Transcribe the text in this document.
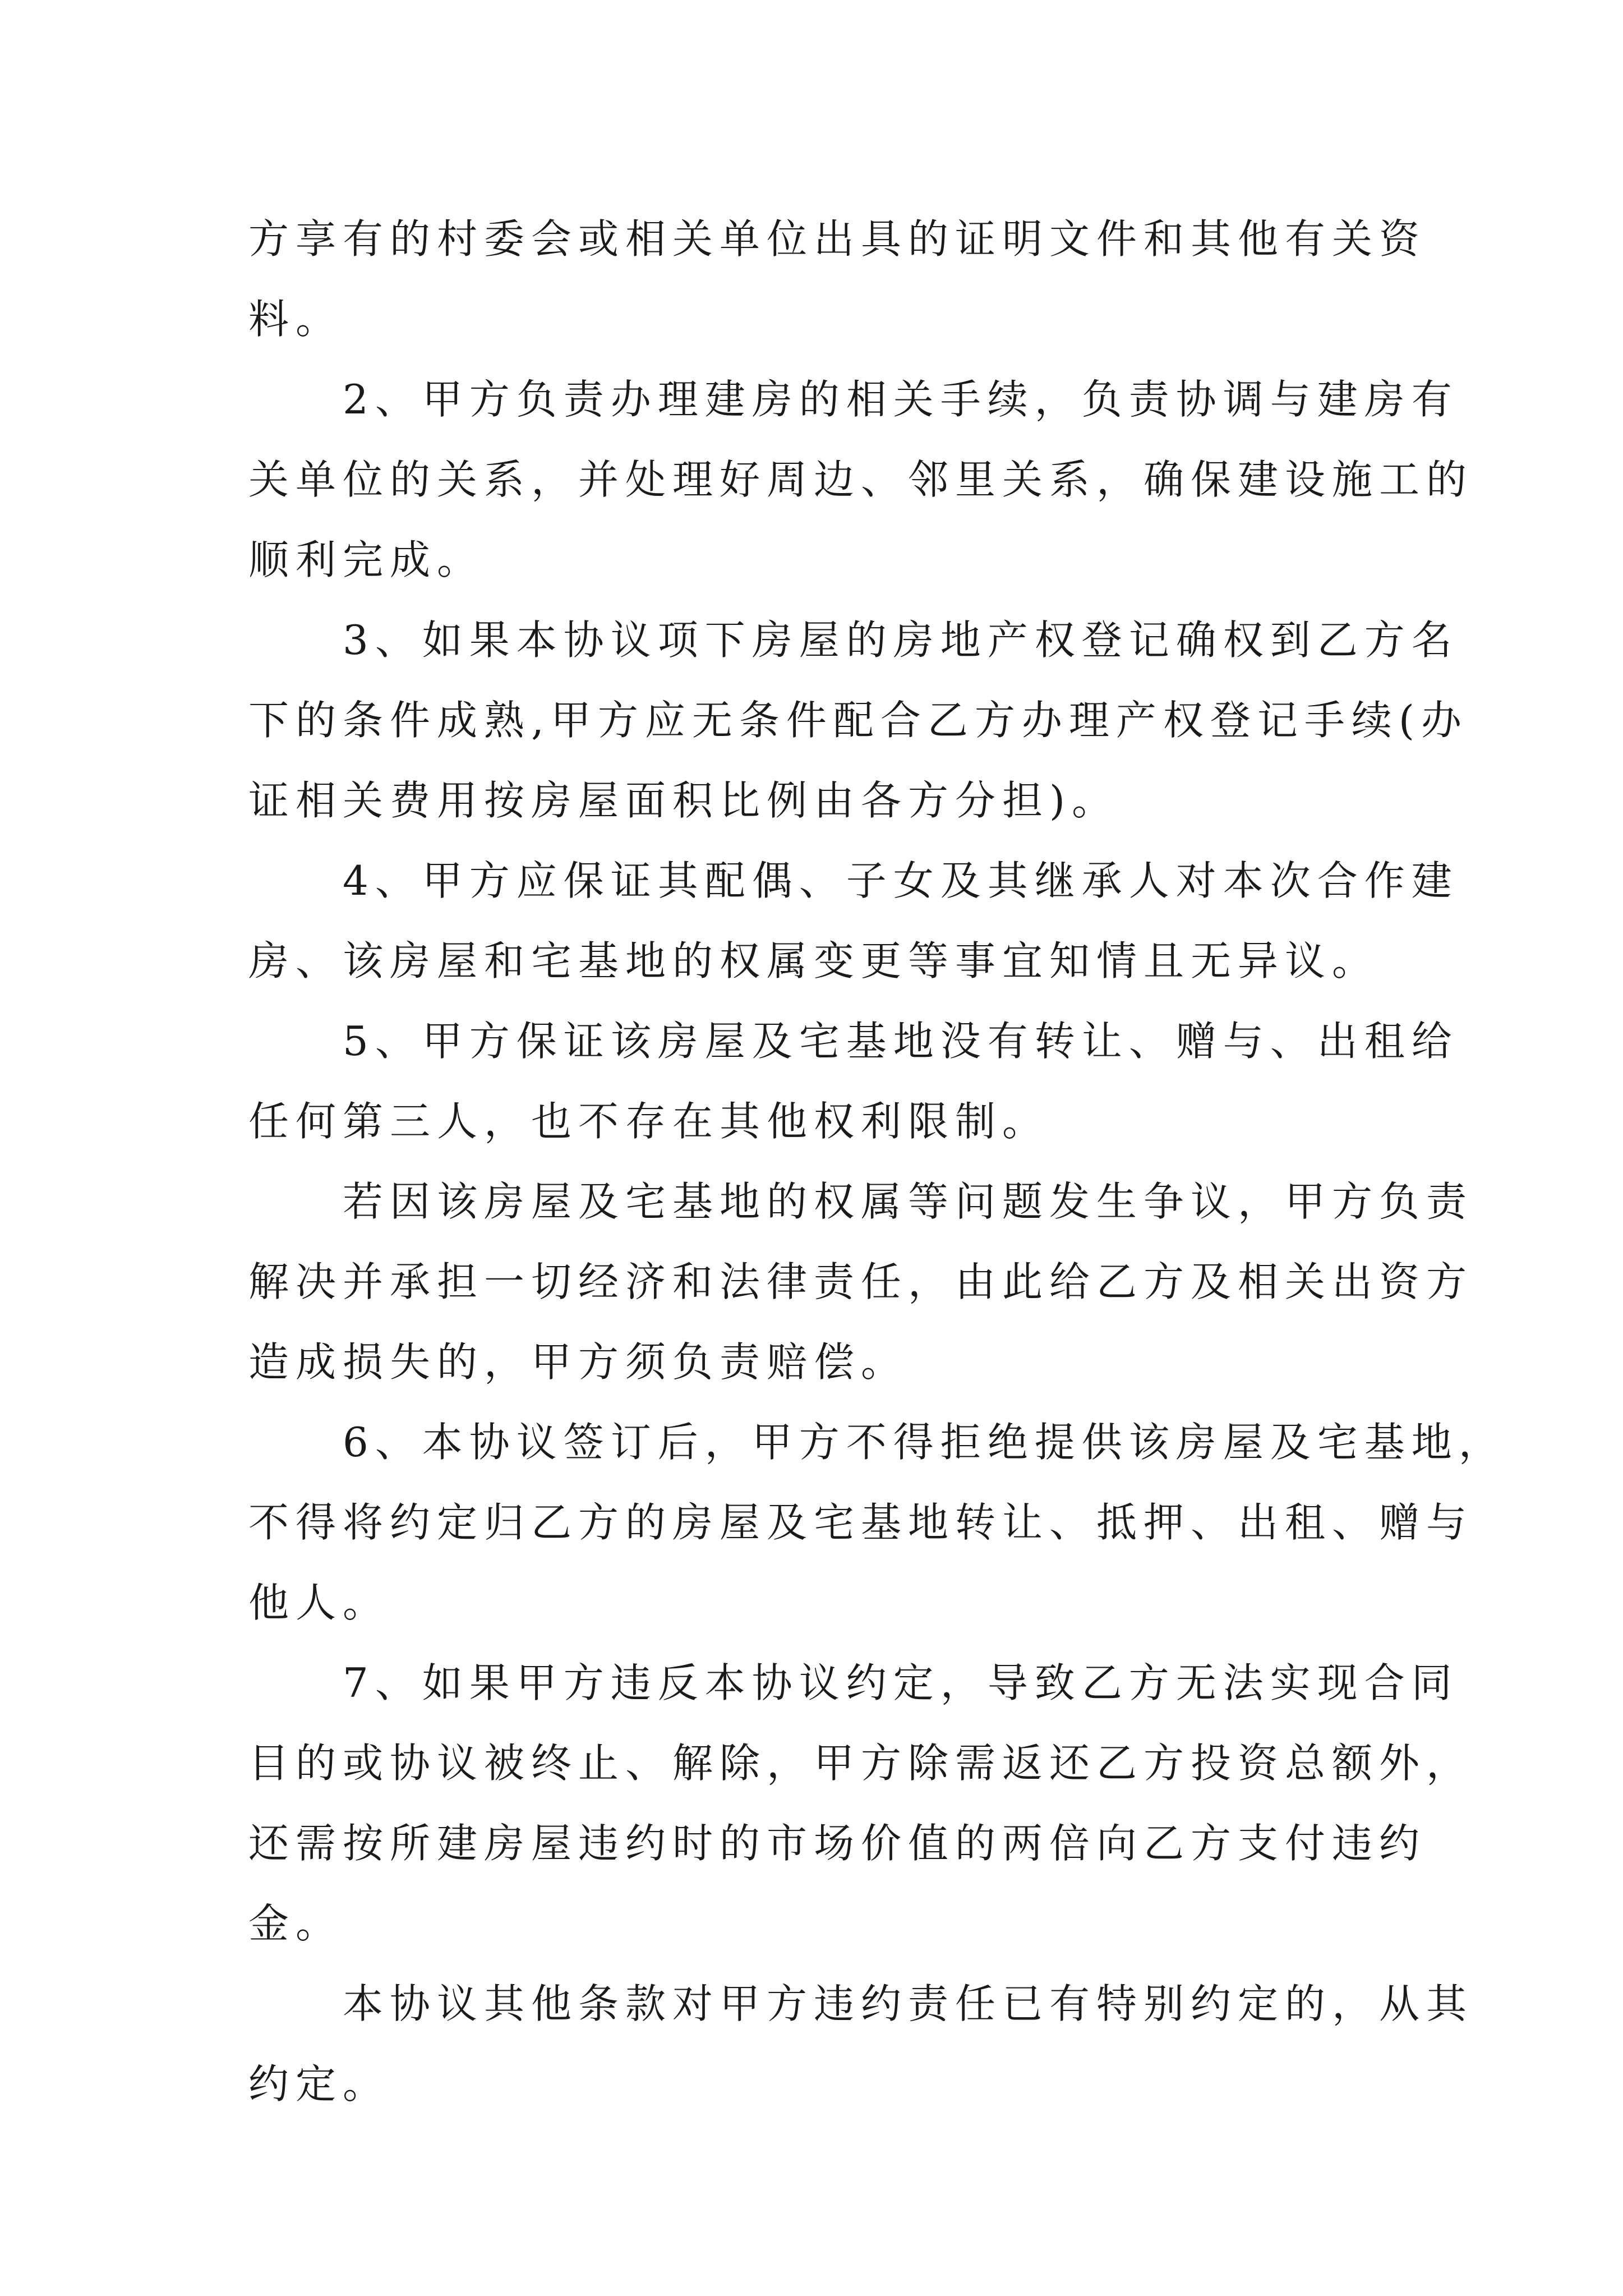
方享有的村委会或相关单位出具的证明文件和其他有关资
料。

2、甲方负责办理建房的相关手续，负责协调与建房有
关单位的关系，并处理好周边、邻里关系，确保建设施工的
顺利完成。

3、如果本协议项下房屋的房地产权登记确权到乙方名
下的条件成熟,甲方应无条件配合乙方办理产权登记手续(办
证相关费用按房屋面积比例由各方分担)。

4、甲方应保证其配偶、子女及其继承人对本次合作建
房、该房屋和宅基地的权属变更等事宜知情且无异议。

5、甲方保证该房屋及宅基地没有转让、赠与、出租给
任何第三人，也不存在其他权利限制。

若因该房屋及宅基地的权属等问题发生争议，甲方负责
解决并承担一切经济和法律责任，由此给乙方及相关出资方
造成损失的，甲方须负责赔偿。

6、本协议签订后，甲方不得拒绝提供该房屋及宅基地，
不得将约定归乙方的房屋及宅基地转让、抵押、出租、赠与
他人。

7、如果甲方违反本协议约定，导致乙方无法实现合同
目的或协议被终止、解除，甲方除需返还乙方投资总额外，
还需按所建房屋违约时的市场价值的两倍向乙方支付违约
金。

本协议其他条款对甲方违约责任已有特别约定的，从其
约定。
